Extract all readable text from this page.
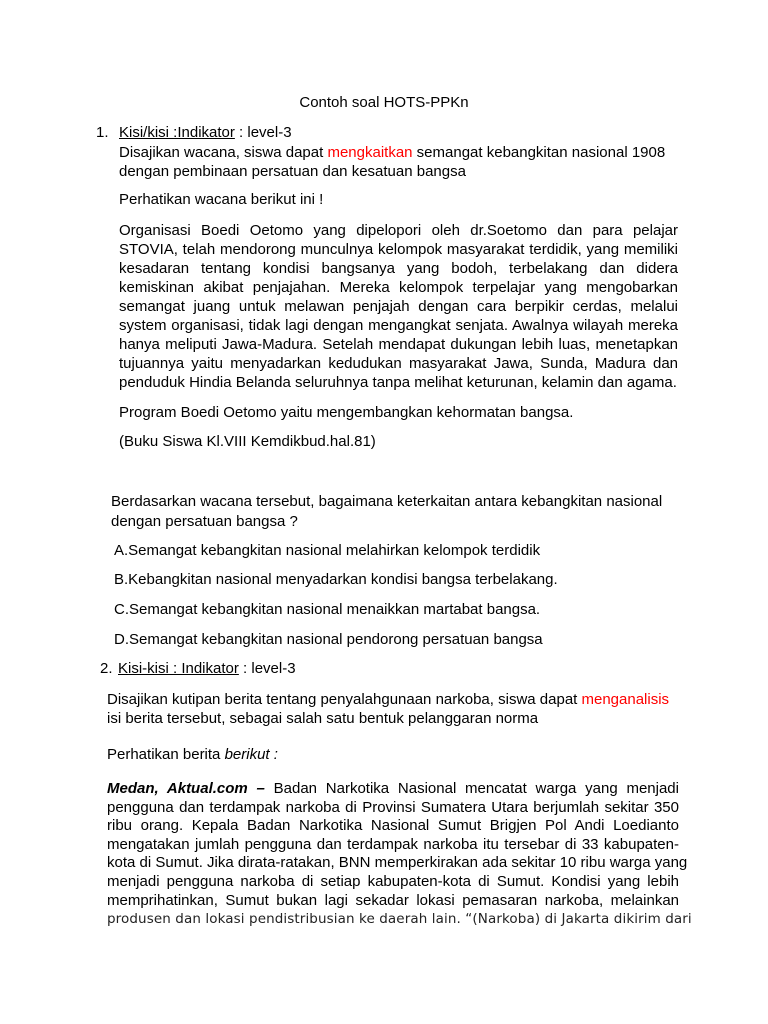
Contoh soal HOTS-PPKn
1. Kisi/kisi :Indikator : level-3
Disajikan wacana, siswa dapat mengkaitkan semangat kebangkitan nasional 1908
dengan pembinaan persatuan dan kesatuan bangsa
Perhatikan wacana berikut ini !
Organisasi Boedi Oetomo yang dipelopori oleh dr.Soetomo dan para pelajar
STOVIA, telah mendorong munculnya kelompok masyarakat terdidik, yang memiliki
kesadaran tentang kondisi bangsanya yang bodoh, terbelakang dan didera
kemiskinan akibat penjajahan. Mereka kelompok terpelajar yang mengobarkan
semangat juang untuk melawan penjajah dengan cara berpikir cerdas, melalui
system organisasi, tidak lagi dengan mengangkat senjata. Awalnya wilayah mereka
hanya meliputi Jawa-Madura. Setelah mendapat dukungan lebih luas, menetapkan
tujuannya yaitu menyadarkan kedudukan masyarakat Jawa, Sunda, Madura dan
penduduk Hindia Belanda seluruhnya tanpa melihat keturunan, kelamin dan agama.
Program Boedi Oetomo yaitu mengembangkan kehormatan bangsa.
(Buku Siswa Kl.VIII Kemdikbud.hal.81)
Berdasarkan wacana tersebut, bagaimana keterkaitan antara kebangkitan nasional
dengan persatuan bangsa ?
A.Semangat kebangkitan nasional melahirkan kelompok terdidik
B.Kebangkitan nasional menyadarkan kondisi bangsa terbelakang.
C.Semangat kebangkitan nasional menaikkan martabat bangsa.
D.Semangat kebangkitan nasional pendorong persatuan bangsa
2. Kisi-kisi : Indikator : level-3
Disajikan kutipan berita tentang penyalahgunaan narkoba, siswa dapat menganalisis
isi berita tersebut, sebagai salah satu bentuk pelanggaran norma
Perhatikan berita berikut :
Medan, Aktual.com – Badan Narkotika Nasional mencatat warga yang menjadi
pengguna dan terdampak narkoba di Provinsi Sumatera Utara berjumlah sekitar 350
ribu orang. Kepala Badan Narkotika Nasional Sumut Brigjen Pol Andi Loedianto
mengatakan jumlah pengguna dan terdampak narkoba itu tersebar di 33 kabupaten-
kota di Sumut. Jika dirata-ratakan, BNN memperkirakan ada sekitar 10 ribu warga yang
menjadi pengguna narkoba di setiap kabupaten-kota di Sumut. Kondisi yang lebih
memprihatinkan, Sumut bukan lagi sekadar lokasi pemasaran narkoba, melainkan
produsen dan lokasi pendistribusian ke daerah lain. “(Narkoba) di Jakarta dikirim dari
